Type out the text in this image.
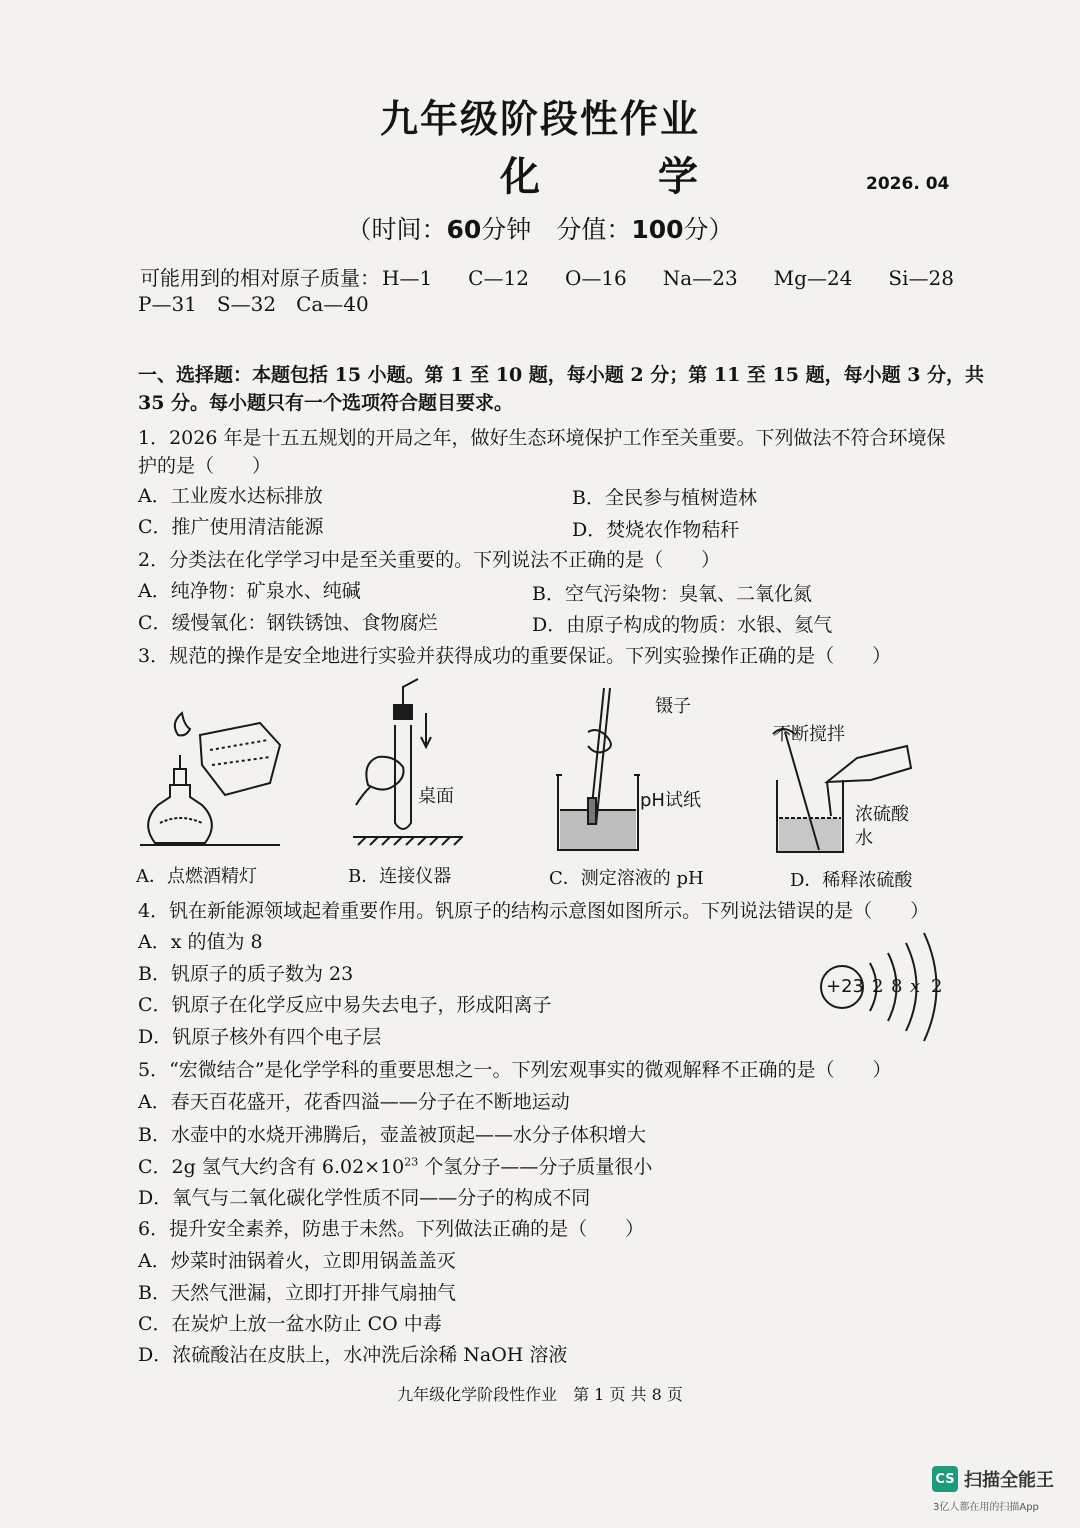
九年级阶段性作业
化 学	2026. 04
（时间：60分钟　 分值：100分）
可能用到的相对原子质量： H—1 C—12 O—16 Na—23 Mg—24 Si—28
P—31 S—32 Ca—40
一、选择题：本题包括 15 小题。第 1 至 10 题，每小题 2 分；第 11 至 15 题，每小题 3 分，共
35 分。每小题只有一个选项符合题目要求。
1．2026 年是十五五规划的开局之年，做好生态环境保护工作至关重要。下列做法不符合环境保
护的是（　　）
A．工业废水达标排放	B．全民参与植树造林
C．推广使用清洁能源	D．焚烧农作物秸秆
2．分类法在化学学习中是至关重要的。下列说法不正确的是（　　）
A．纯净物：矿泉水、纯碱	B．空气污染物：臭氧、二氧化氮
C．缓慢氧化：钢铁锈蚀、食物腐烂	D．由原子构成的物质：水银、氦气
3．规范的操作是安全地进行实验并获得成功的重要保证。下列实验操作正确的是（　　）
桌面
镊子
pH试纸
不断搅拌
浓硫酸
水
A．点燃酒精灯	B．连接仪器	C．测定溶液的 pH	D．稀释浓硫酸
4．钒在新能源领域起着重要作用。钒原子的结构示意图如图所示。下列说法错误的是（　　）
A．x 的值为 8
B．钒原子的质子数为 23
C．钒原子在化学反应中易失去电子，形成阳离子
D．钒原子核外有四个电子层
+23 2 8 x 2
5．“宏微结合”是化学学科的重要思想之一。下列宏观事实的微观解释不正确的是（　　）
A．春天百花盛开，花香四溢——分子在不断地运动
B．水壶中的水烧开沸腾后，壶盖被顶起——水分子体积增大
C．2g 氢气大约含有 $6.02\times 10^{23}$ 个氢分子——分子质量很小
D．氧气与二氧化碳化学性质不同——分子的构成不同
6．提升安全素养，防患于未然。下列做法正确的是（　　）
A．炒菜时油锅着火，立即用锅盖盖灭
B．天然气泄漏，立即打开排气扇抽气
C．在炭炉上放一盆水防止 CO 中毒
D．浓硫酸沾在皮肤上，水冲洗后涂稀 NaOH 溶液
九年级化学阶段性作业　第 1 页 共 8 页
CS 扫描全能王
3亿人都在用的扫描App
